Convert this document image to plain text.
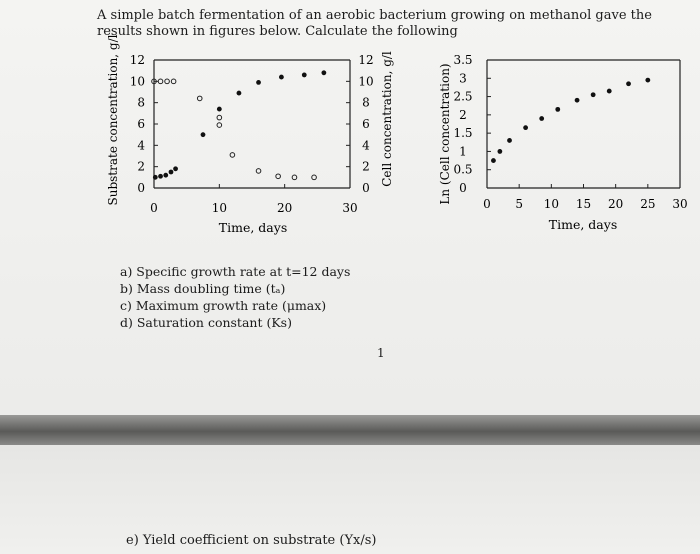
A simple batch fermentation of an aerobic bacterium growing on methanol gave the results shown in figures below. Calculate the following

Substrate concentration, g/l	Cell concentration, g/l
Time, days
0	0
2	2
4	4
6	6
8	8
10	10
12	12
0	10	20	30
Ln (Cell concentration)
Time, days
0
0.5
1
1.5
2
2.5
3
3.5
0 5 10 15 20 25 30
a) Specific growth rate at t=12 days
b) Mass doubling time (tₐ)
c) Maximum growth rate (μmax)
d) Saturation constant (Ks)
1

e) Yield coefficient on substrate (Yx/s)
